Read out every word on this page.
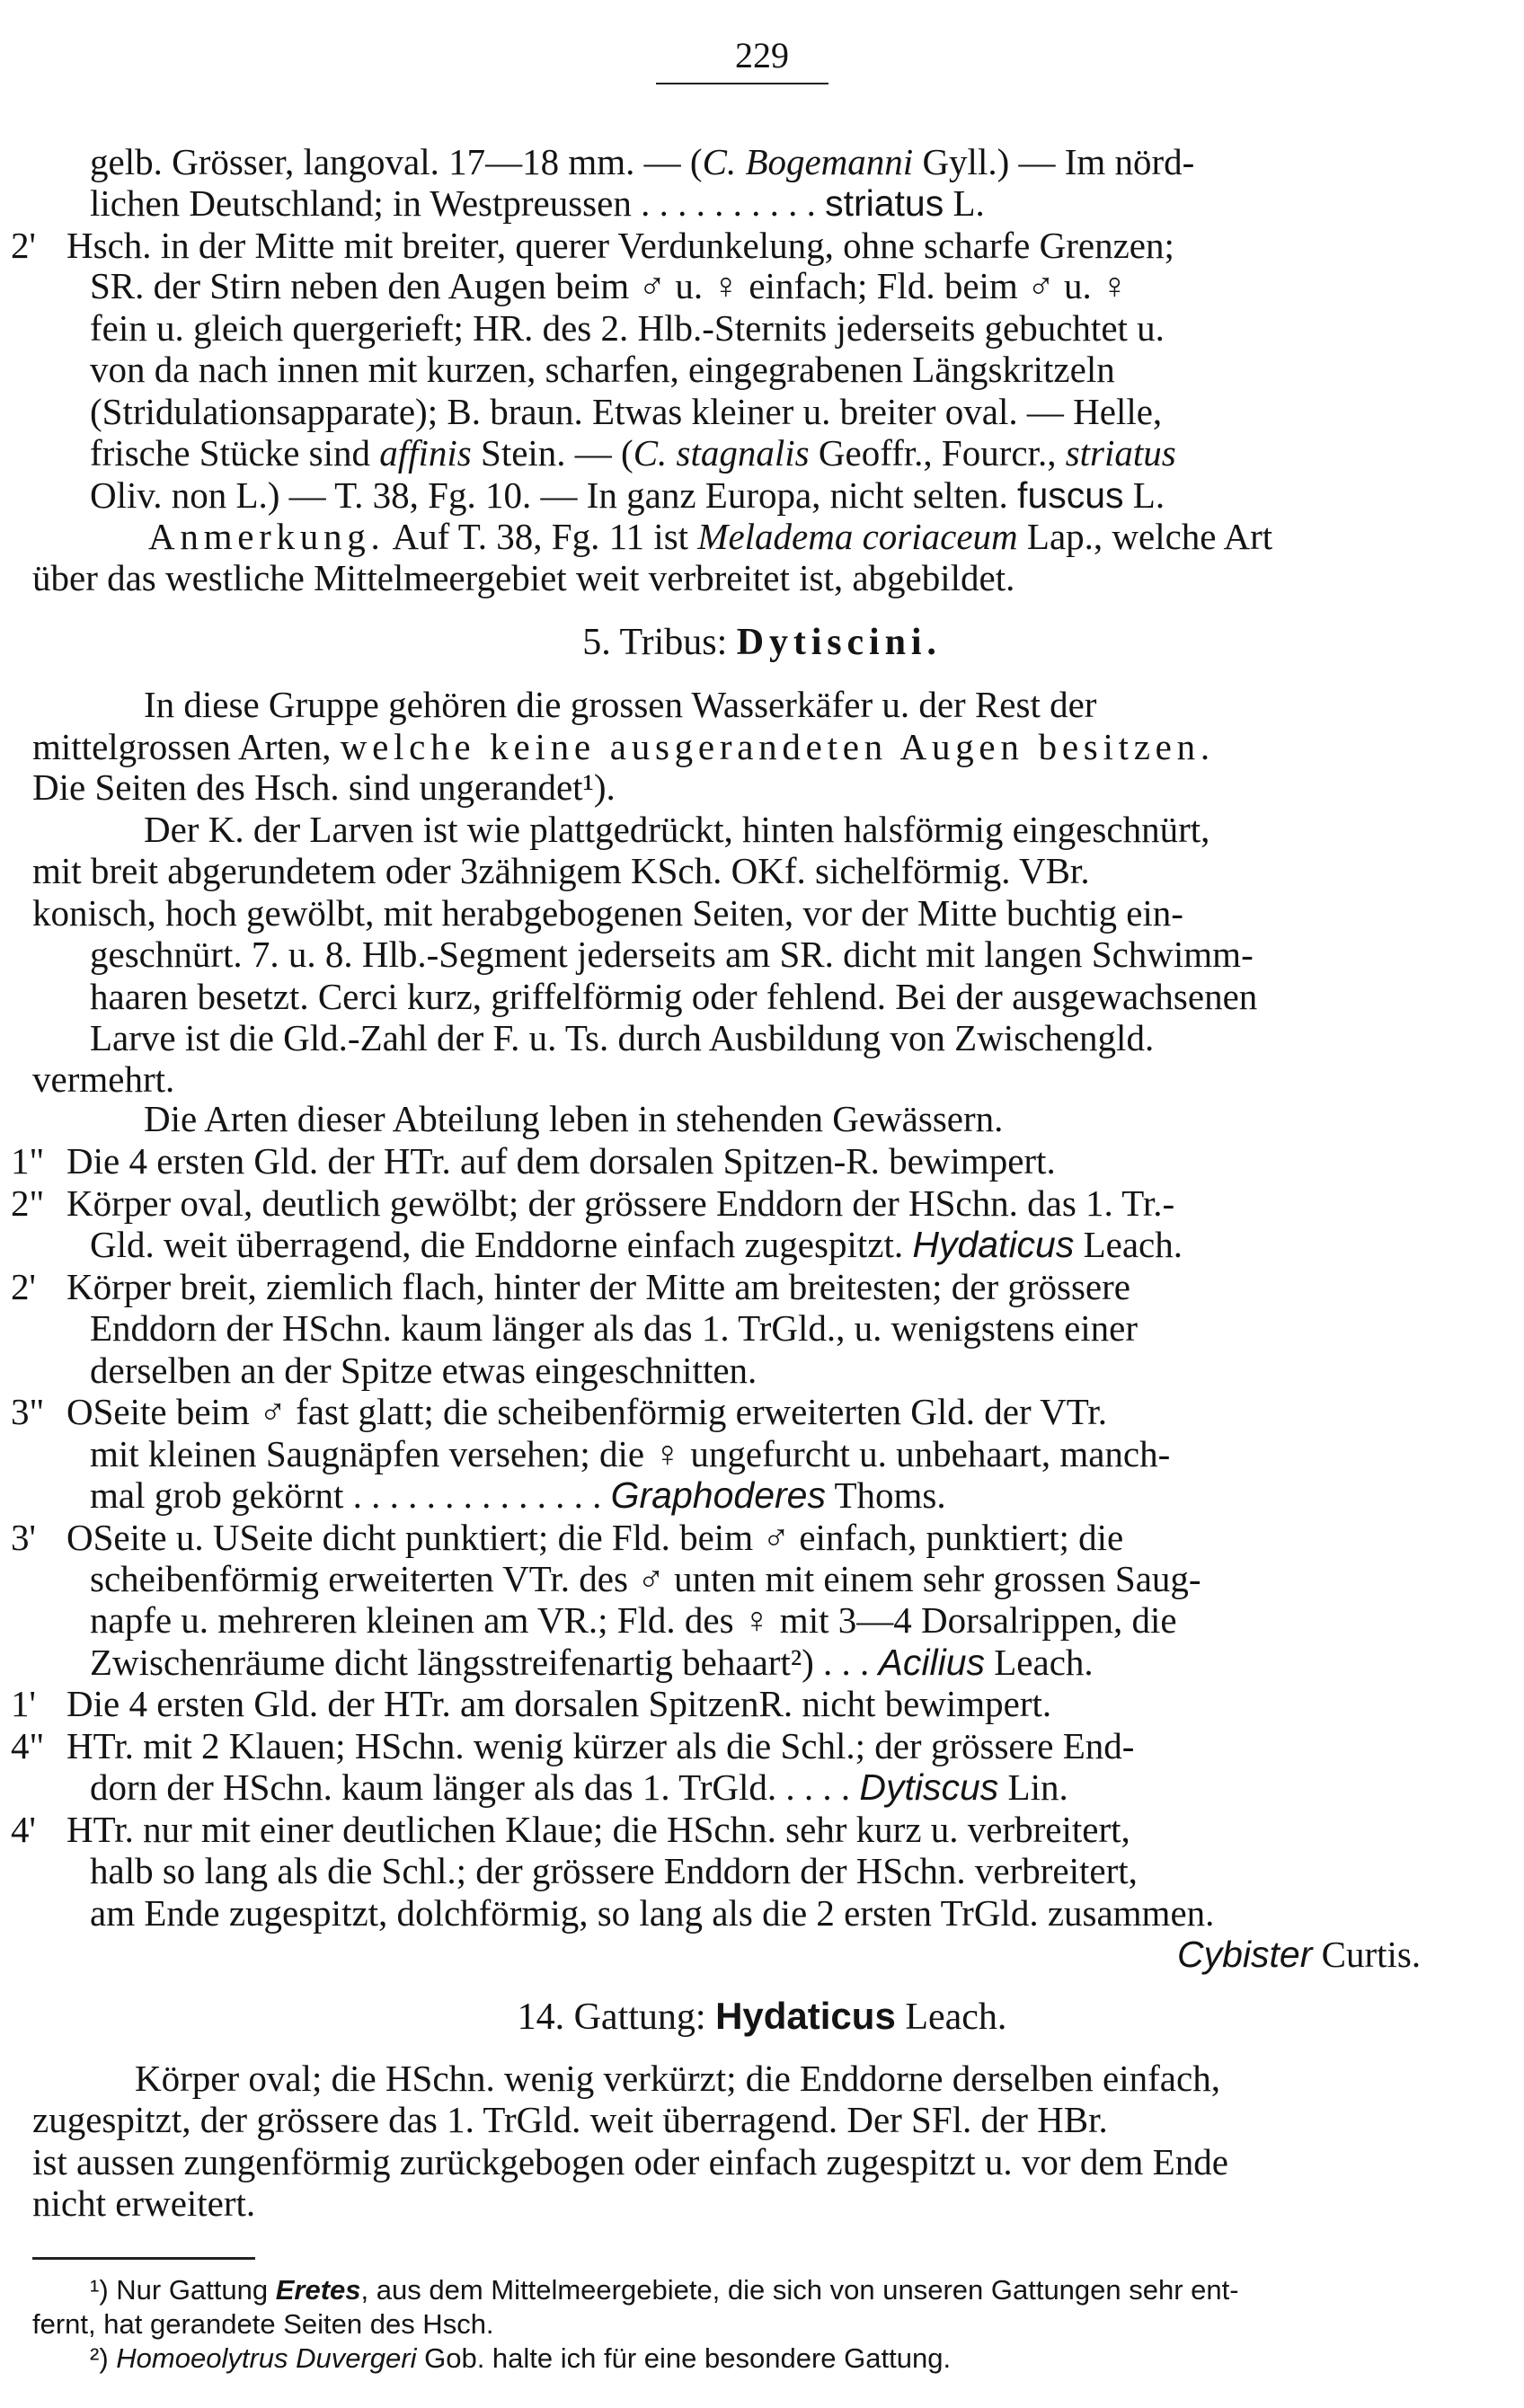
229
gelb. Grösser, langoval. 17—18 mm. — (C. Bogemanni Gyll.) — Im nörd-
lichen Deutschland; in Westpreussen . . . . . . . . . . striatus L.
2' Hsch. in der Mitte mit breiter, querer Verdunkelung, ohne scharfe Grenzen;
SR. der Stirn neben den Augen beim ♂ u. ♀ einfach; Fld. beim ♂ u. ♀
fein u. gleich quergerieft; HR. des 2. Hlb.-Sternits jederseits gebuchtet u.
von da nach innen mit kurzen, scharfen, eingegrabenen Längskritzeln
(Stridulationsapparate); B. braun. Etwas kleiner u. breiter oval. — Helle,
frische Stücke sind affinis Stein. — (C. stagnalis Geoffr., Fourcr., striatus
Oliv. non L.) — T. 38, Fg. 10. — In ganz Europa, nicht selten. fuscus L.
Anmerkung. Auf T. 38, Fg. 11 ist Meladema coriaceum Lap., welche Art
über das westliche Mittelmeergebiet weit verbreitet ist, abgebildet.
5. Tribus: Dytiscini.
In diese Gruppe gehören die grossen Wasserkäfer u. der Rest der
mittelgrossen Arten, welche keine ausgerandeten Augen besitzen.
Die Seiten des Hsch. sind ungerandet¹).
Der K. der Larven ist wie plattgedrückt, hinten halsförmig eingeschnürt,
mit breit abgerundetem oder 3zähnigem KSch. OKf. sichelförmig. VBr.
konisch, hoch gewölbt, mit herabgebogenen Seiten, vor der Mitte buchtig ein-
geschnürt. 7. u. 8. Hlb.-Segment jederseits am SR. dicht mit langen Schwimm-
haaren besetzt. Cerci kurz, griffelförmig oder fehlend. Bei der ausgewachsenen
Larve ist die Gld.-Zahl der F. u. Ts. durch Ausbildung von Zwischengld.
vermehrt.
Die Arten dieser Abteilung leben in stehenden Gewässern.
1" Die 4 ersten Gld. der HTr. auf dem dorsalen Spitzen-R. bewimpert.
2" Körper oval, deutlich gewölbt; der grössere Enddorn der HSchn. das 1. Tr.-
Gld. weit überragend, die Enddorne einfach zugespitzt. Hydaticus Leach.
2' Körper breit, ziemlich flach, hinter der Mitte am breitesten; der grössere
Enddorn der HSchn. kaum länger als das 1. TrGld., u. wenigstens einer
derselben an der Spitze etwas eingeschnitten.
3" OSeite beim ♂ fast glatt; die scheibenförmig erweiterten Gld. der VTr.
mit kleinen Saugnäpfen versehen; die ♀ ungefurcht u. unbehaart, manch-
mal grob gekörnt . . . . . . . . . . . . . . Graphoderes Thoms.
3' OSeite u. USeite dicht punktiert; die Fld. beim ♂ einfach, punktiert; die
scheibenförmig erweiterten VTr. des ♂ unten mit einem sehr grossen Saug-
napfe u. mehreren kleinen am VR.; Fld. des ♀ mit 3—4 Dorsalrippen, die
Zwischenräume dicht längsstreifenartig behaart²) . . . Acilius Leach.
1' Die 4 ersten Gld. der HTr. am dorsalen SpitzenR. nicht bewimpert.
4" HTr. mit 2 Klauen; HSchn. wenig kürzer als die Schl.; der grössere End-
dorn der HSchn. kaum länger als das 1. TrGld. . . . . Dytiscus Lin.
4' HTr. nur mit einer deutlichen Klaue; die HSchn. sehr kurz u. verbreitert,
halb so lang als die Schl.; der grössere Enddorn der HSchn. verbreitert,
am Ende zugespitzt, dolchförmig, so lang als die 2 ersten TrGld. zusammen.
Cybister Curtis.
14. Gattung: Hydaticus Leach.
Körper oval; die HSchn. wenig verkürzt; die Enddorne derselben einfach,
zugespitzt, der grössere das 1. TrGld. weit überragend. Der SFl. der HBr.
ist aussen zungenförmig zurückgebogen oder einfach zugespitzt u. vor dem Ende
nicht erweitert.
¹) Nur Gattung Eretes, aus dem Mittelmeergebiete, die sich von unseren Gattungen sehr ent-
fernt, hat gerandete Seiten des Hsch.
²) Homoeolytrus Duvergeri Gob. halte ich für eine besondere Gattung.
